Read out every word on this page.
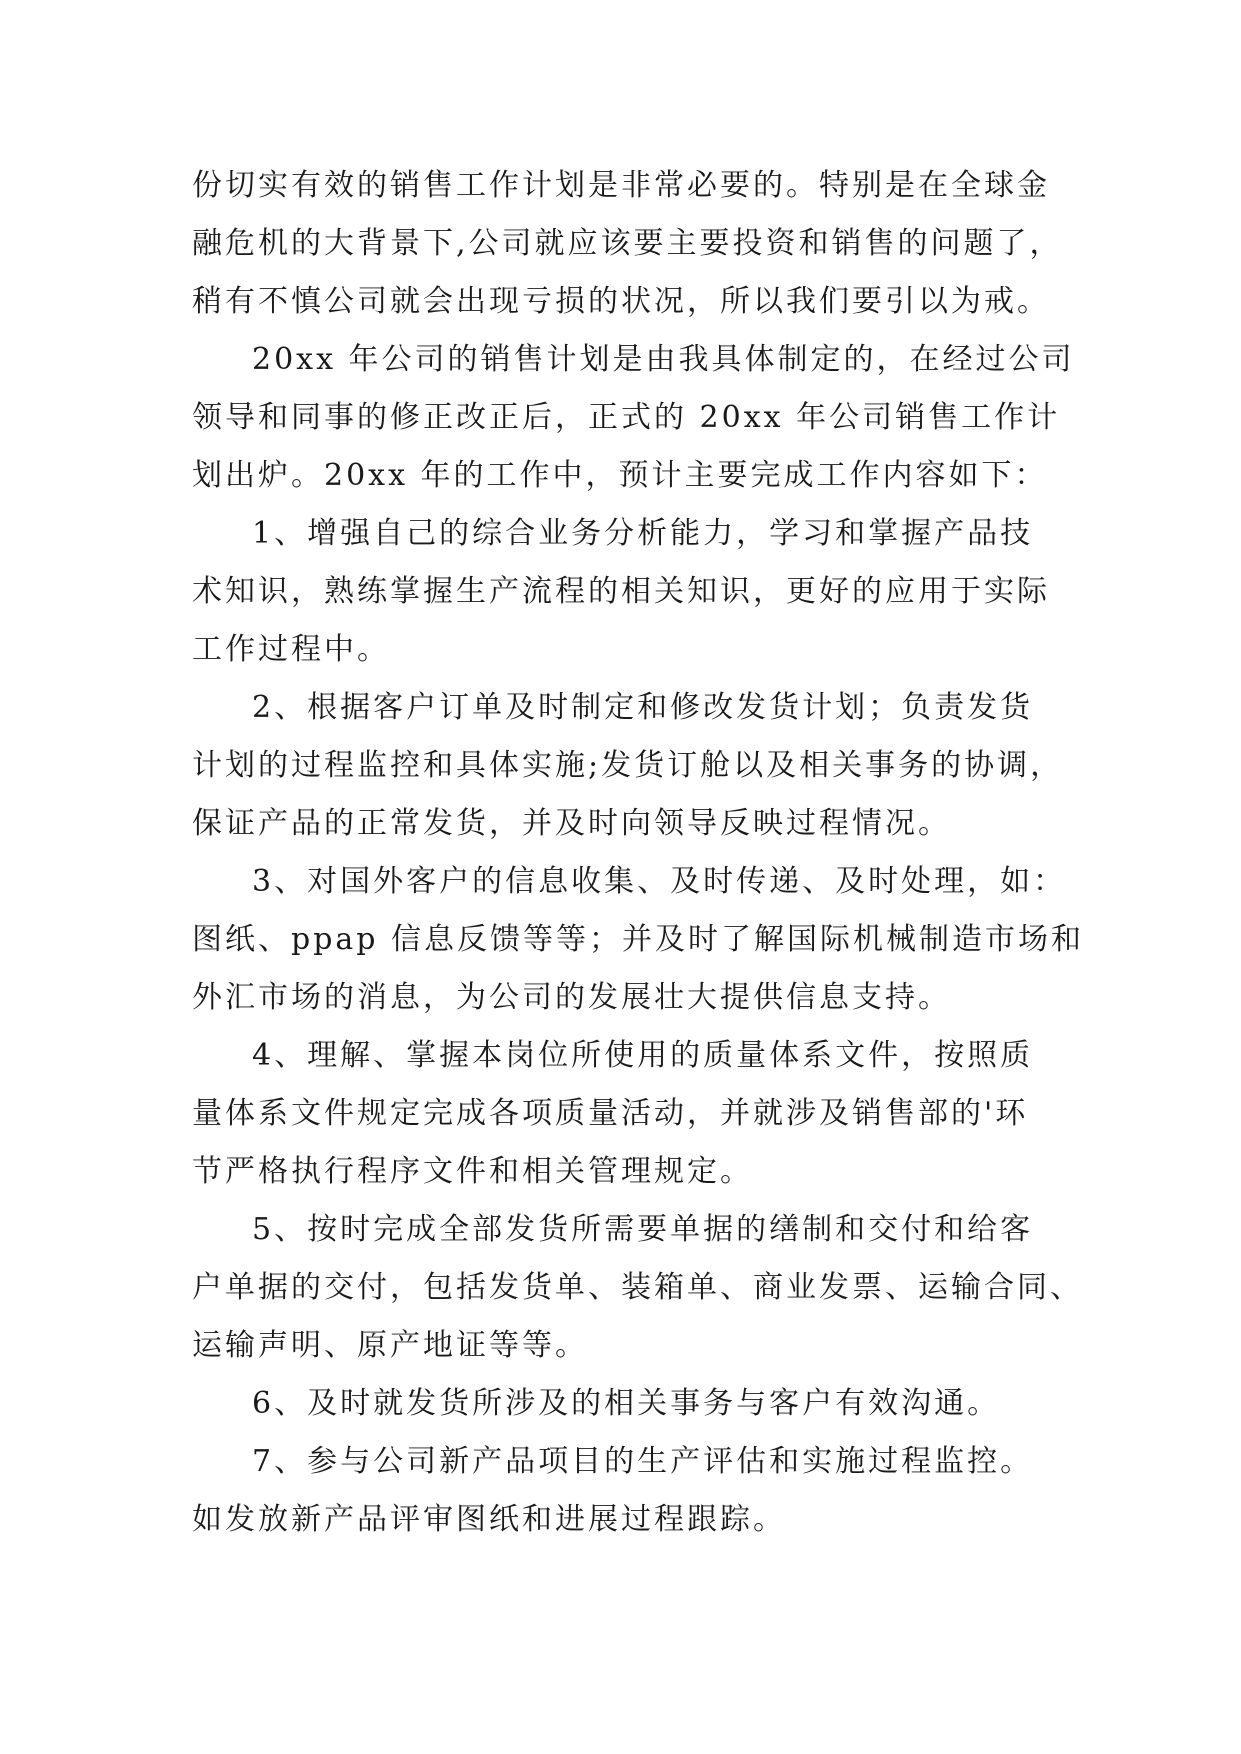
份切实有效的销售工作计划是非常必要的。特别是在全球金
融危机的大背景下,公司就应该要主要投资和销售的问题了，
稍有不慎公司就会出现亏损的状况，所以我们要引以为戒。
20xx 年公司的销售计划是由我具体制定的，在经过公司
领导和同事的修正改正后，正式的 20xx 年公司销售工作计
划出炉。20xx 年的工作中，预计主要完成工作内容如下：
1、增强自己的综合业务分析能力，学习和掌握产品技
术知识，熟练掌握生产流程的相关知识，更好的应用于实际
工作过程中。
2、根据客户订单及时制定和修改发货计划；负责发货
计划的过程监控和具体实施;发货订舱以及相关事务的协调，
保证产品的正常发货，并及时向领导反映过程情况。
3、对国外客户的信息收集、及时传递、及时处理，如：
图纸、ppap 信息反馈等等；并及时了解国际机械制造市场和
外汇市场的消息，为公司的发展壮大提供信息支持。
4、理解、掌握本岗位所使用的质量体系文件，按照质
量体系文件规定完成各项质量活动，并就涉及销售部的'环
节严格执行程序文件和相关管理规定。
5、按时完成全部发货所需要单据的缮制和交付和给客
户单据的交付，包括发货单、装箱单、商业发票、运输合同、
运输声明、原产地证等等。
6、及时就发货所涉及的相关事务与客户有效沟通。
7、参与公司新产品项目的生产评估和实施过程监控。
如发放新产品评审图纸和进展过程跟踪。
